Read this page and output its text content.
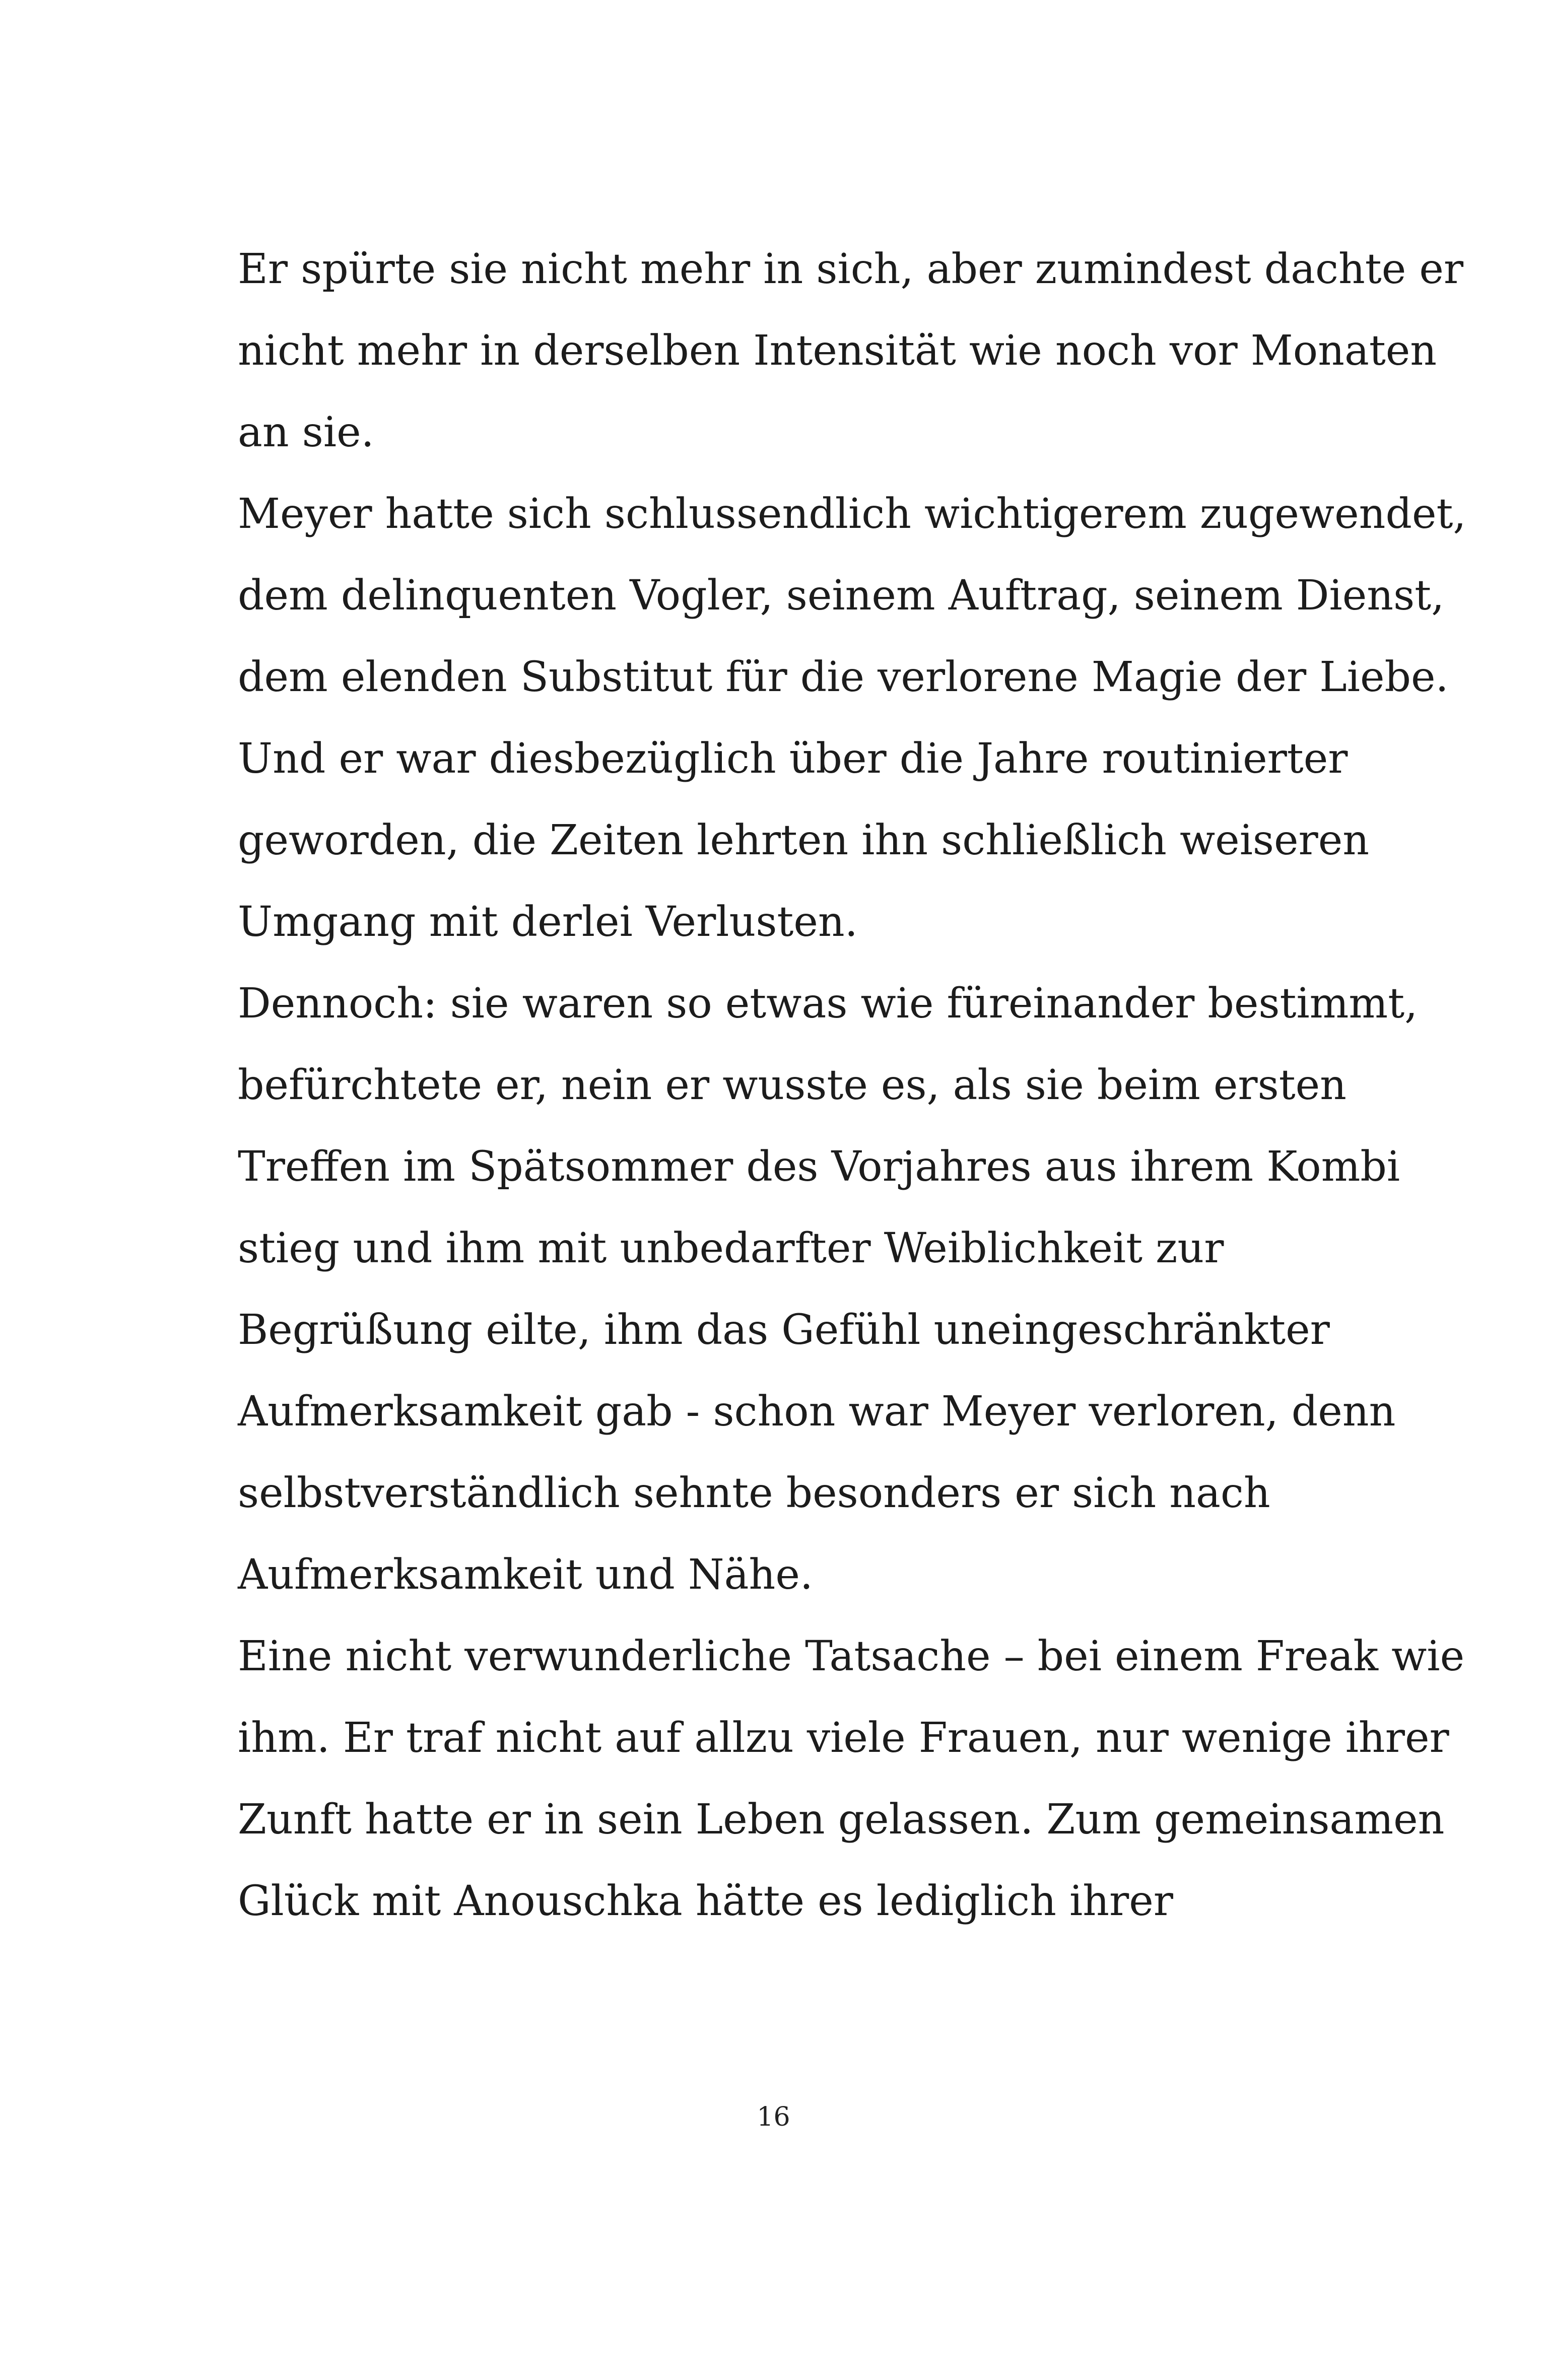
Er spürte sie nicht mehr in sich, aber zumindest dachte er
nicht mehr in derselben Intensität wie noch vor Monaten
an sie.
Meyer hatte sich schlussendlich wichtigerem zugewendet,
dem delinquenten Vogler, seinem Auftrag, seinem Dienst,
dem elenden Substitut für die verlorene Magie der Liebe.
Und er war diesbezüglich über die Jahre routinierter
geworden, die Zeiten lehrten ihn schließlich weiseren
Umgang mit derlei Verlusten.
Dennoch: sie waren so etwas wie füreinander bestimmt,
befürchtete er, nein er wusste es, als sie beim ersten
Treffen im Spätsommer des Vorjahres aus ihrem Kombi
stieg und ihm mit unbedarfter Weiblichkeit zur
Begrüßung eilte, ihm das Gefühl uneingeschränkter
Aufmerksamkeit gab - schon war Meyer verloren, denn
selbstverständlich sehnte besonders er sich nach
Aufmerksamkeit und Nähe.
Eine nicht verwunderliche Tatsache – bei einem Freak wie
ihm. Er traf nicht auf allzu viele Frauen, nur wenige ihrer
Zunft hatte er in sein Leben gelassen. Zum gemeinsamen
Glück mit Anouschka hätte es lediglich ihrer
16
